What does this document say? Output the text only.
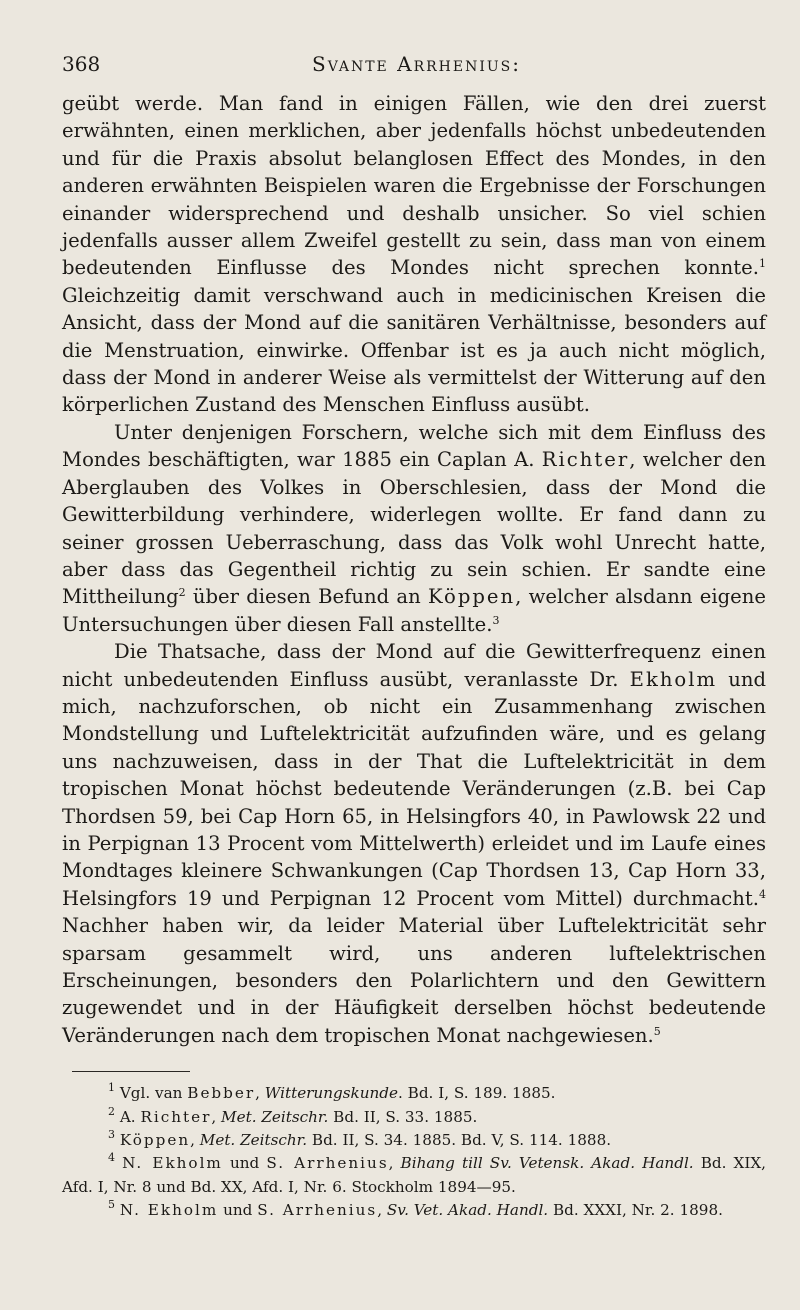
368	Svante Arrhenius:

geübt werde. Man fand in einigen Fällen, wie den drei zuerst erwähnten, einen merklichen, aber jedenfalls höchst unbedeutenden und für die Praxis absolut belanglosen Effect des Mondes, in den anderen erwähnten Beispielen waren die Ergebnisse der Forschungen einander widersprechend und deshalb unsicher. So viel schien jedenfalls ausser allem Zweifel gestellt zu sein, dass man von einem bedeutenden Einflusse des Mondes nicht sprechen konnte.$^1$ Gleichzeitig damit verschwand auch in medicinischen Kreisen die Ansicht, dass der Mond auf die sanitären Verhältnisse, besonders auf die Menstruation, einwirke. Offenbar ist es ja auch nicht möglich, dass der Mond in anderer Weise als vermittelst der Witterung auf den körperlichen Zustand des Menschen Einfluss ausübt.

Unter denjenigen Forschern, welche sich mit dem Einfluss des Mondes beschäftigten, war 1885 ein Caplan A. Richter, welcher den Aberglauben des Volkes in Oberschlesien, dass der Mond die Gewitterbildung verhindere, widerlegen wollte. Er fand dann zu seiner grossen Ueberraschung, dass das Volk wohl Unrecht hatte, aber dass das Gegentheil richtig zu sein schien. Er sandte eine Mittheilung$^2$ über diesen Befund an Köppen, welcher alsdann eigene Untersuchungen über diesen Fall anstellte.$^3$

Die Thatsache, dass der Mond auf die Gewitterfrequenz einen nicht unbedeutenden Einfluss ausübt, veranlasste Dr. Ekholm und mich, nachzuforschen, ob nicht ein Zusammenhang zwischen Mondstellung und Luftelektricität aufzufinden wäre, und es gelang uns nachzuweisen, dass in der That die Luftelektricität in dem tropischen Monat höchst bedeutende Veränderungen (z.B. bei Cap Thordsen 59, bei Cap Horn 65, in Helsingfors 40, in Pawlowsk 22 und in Perpignan 13 Procent vom Mittelwerth) erleidet und im Laufe eines Mondtages kleinere Schwankungen (Cap Thordsen 13, Cap Horn 33, Helsingfors 19 und Perpignan 12 Procent vom Mittel) durchmacht.$^4$ Nachher haben wir, da leider Material über Luftelektricität sehr sparsam gesammelt wird, uns anderen luftelektrischen Erscheinungen, besonders den Polarlichtern und den Gewittern zugewendet und in der Häufigkeit derselben höchst bedeutende Veränderungen nach dem tropischen Monat nachgewiesen.$^5$

$^1$ Vgl. van Bebber, Witterungskunde. Bd. I, S. 189. 1885.

$^2$ A. Richter, Met. Zeitschr. Bd. II, S. 33. 1885.

$^3$ Köppen, Met. Zeitschr. Bd. II, S. 34. 1885. Bd. V, S. 114. 1888.

$^4$ N. Ekholm und S. Arrhenius, Bihang till Sv. Vetensk. Akad. Handl. Bd. XIX, Afd. I, Nr. 8 und Bd. XX, Afd. I, Nr. 6. Stockholm 1894—95.

$^5$ N. Ekholm und S. Arrhenius, Sv. Vet. Akad. Handl. Bd. XXXI, Nr. 2. 1898.
